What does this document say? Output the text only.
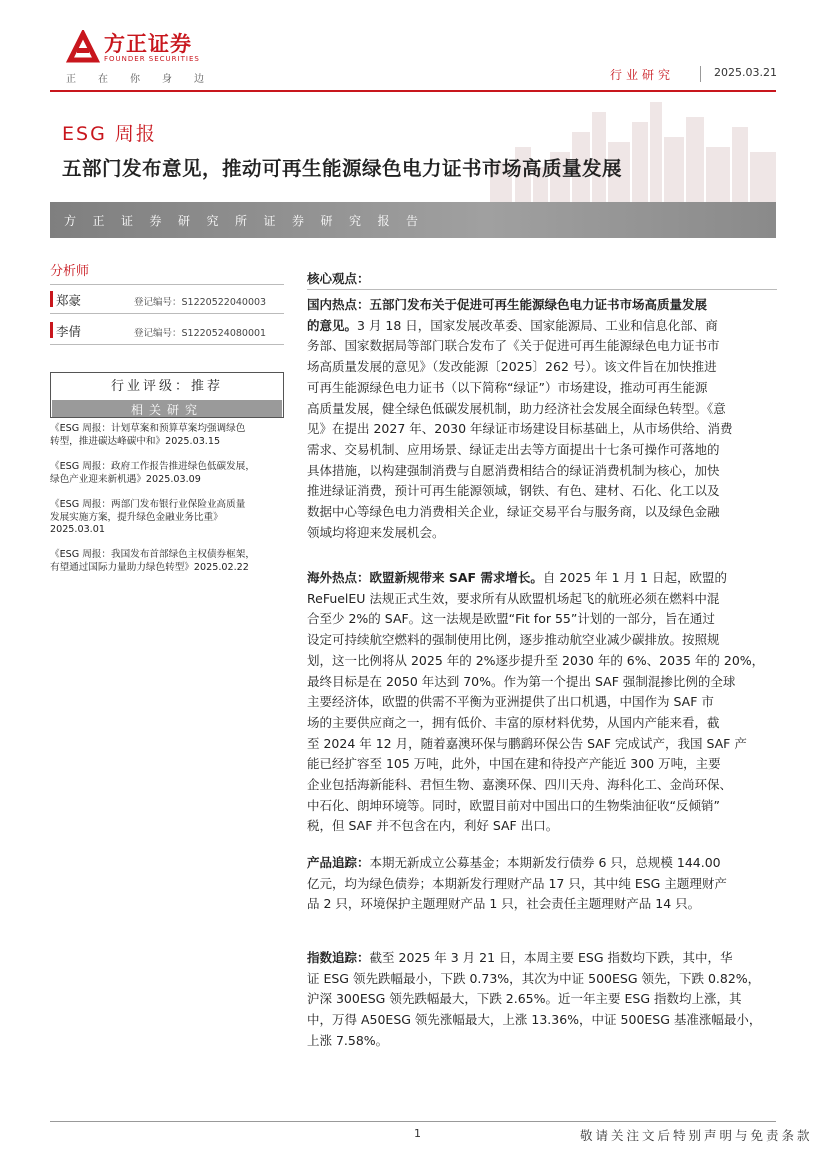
方正证券
FOUNDER SECURITIES
正在你身边	行业研究	2025.03.21
ESG 周报
五部门发布意见，推动可再生能源绿色电力证书市场高质量发展
方正证券研究所证券研究报告
分析师
郑豪	登记编号：S1220522040003
李倩	登记编号：S1220524080001
行业评级：推荐
相关研究
《ESG 周报：计划草案和预算草案均强调绿色
转型，推进碳达峰碳中和》2025.03.15
《ESG 周报：政府工作报告推进绿色低碳发展，
绿色产业迎来新机遇》2025.03.09
《ESG 周报：两部门发布银行业保险业高质量
发展实施方案，提升绿色金融业务比重》
2025.03.01
《ESG 周报：我国发布首部绿色主权债券框架，
有望通过国际力量助力绿色转型》2025.02.22
核心观点：
国内热点：五部门发布关于促进可再生能源绿色电力证书市场高质量发展
的意见。3 月 18 日，国家发展改革委、国家能源局、工业和信息化部、商
务部、国家数据局等部门联合发布了《关于促进可再生能源绿色电力证书市
场高质量发展的意见》（发改能源〔2025〕262 号）。该文件旨在加快推进
可再生能源绿色电力证书（以下简称“绿证”）市场建设，推动可再生能源
高质量发展，健全绿色低碳发展机制，助力经济社会发展全面绿色转型。《意
见》在提出 2027 年、2030 年绿证市场建设目标基础上，从市场供给、消费
需求、交易机制、应用场景、绿证走出去等方面提出十七条可操作可落地的
具体措施，以构建强制消费与自愿消费相结合的绿证消费机制为核心，加快
推进绿证消费，预计可再生能源领域，钢铁、有色、建材、石化、化工以及
数据中心等绿色电力消费相关企业，绿证交易平台与服务商，以及绿色金融
领域均将迎来发展机会。
海外热点：欧盟新规带来 SAF 需求增长。自 2025 年 1 月 1 日起，欧盟的
ReFuelEU 法规正式生效，要求所有从欧盟机场起飞的航班必须在燃料中混
合至少 2%的 SAF。这一法规是欧盟“Fit for 55”计划的一部分，旨在通过
设定可持续航空燃料的强制使用比例，逐步推动航空业减少碳排放。按照规
划，这一比例将从 2025 年的 2%逐步提升至 2030 年的 6%、2035 年的 20%，
最终目标是在 2050 年达到 70%。作为第一个提出 SAF 强制混掺比例的全球
主要经济体，欧盟的供需不平衡为亚洲提供了出口机遇，中国作为 SAF 市
场的主要供应商之一，拥有低价、丰富的原材料优势，从国内产能来看，截
至 2024 年 12 月，随着嘉澳环保与鹏鹞环保公告 SAF 完成试产，我国 SAF 产
能已经扩容至 105 万吨，此外，中国在建和待投产产能近 300 万吨，主要
企业包括海新能科、君恒生物、嘉澳环保、四川天舟、海科化工、金尚环保、
中石化、朗坤环境等。同时，欧盟目前对中国出口的生物柴油征收“反倾销”
税，但 SAF 并不包含在内，利好 SAF 出口。
产品追踪：本期无新成立公募基金；本期新发行债券 6 只，总规模 144.00
亿元，均为绿色债券；本期新发行理财产品 17 只，其中纯 ESG 主题理财产
品 2 只，环境保护主题理财产品 1 只，社会责任主题理财产品 14 只。
指数追踪：截至 2025 年 3 月 21 日，本周主要 ESG 指数均下跌，其中，华
证 ESG 领先跌幅最小，下跌 0.73%，其次为中证 500ESG 领先，下跌 0.82%，
沪深 300ESG 领先跌幅最大，下跌 2.65%。近一年主要 ESG 指数均上涨，其
中，万得 A50ESG 领先涨幅最大，上涨 13.36%，中证 500ESG 基准涨幅最小，
上涨 7.58%。
1	敬请关注文后特别声明与免责条款
